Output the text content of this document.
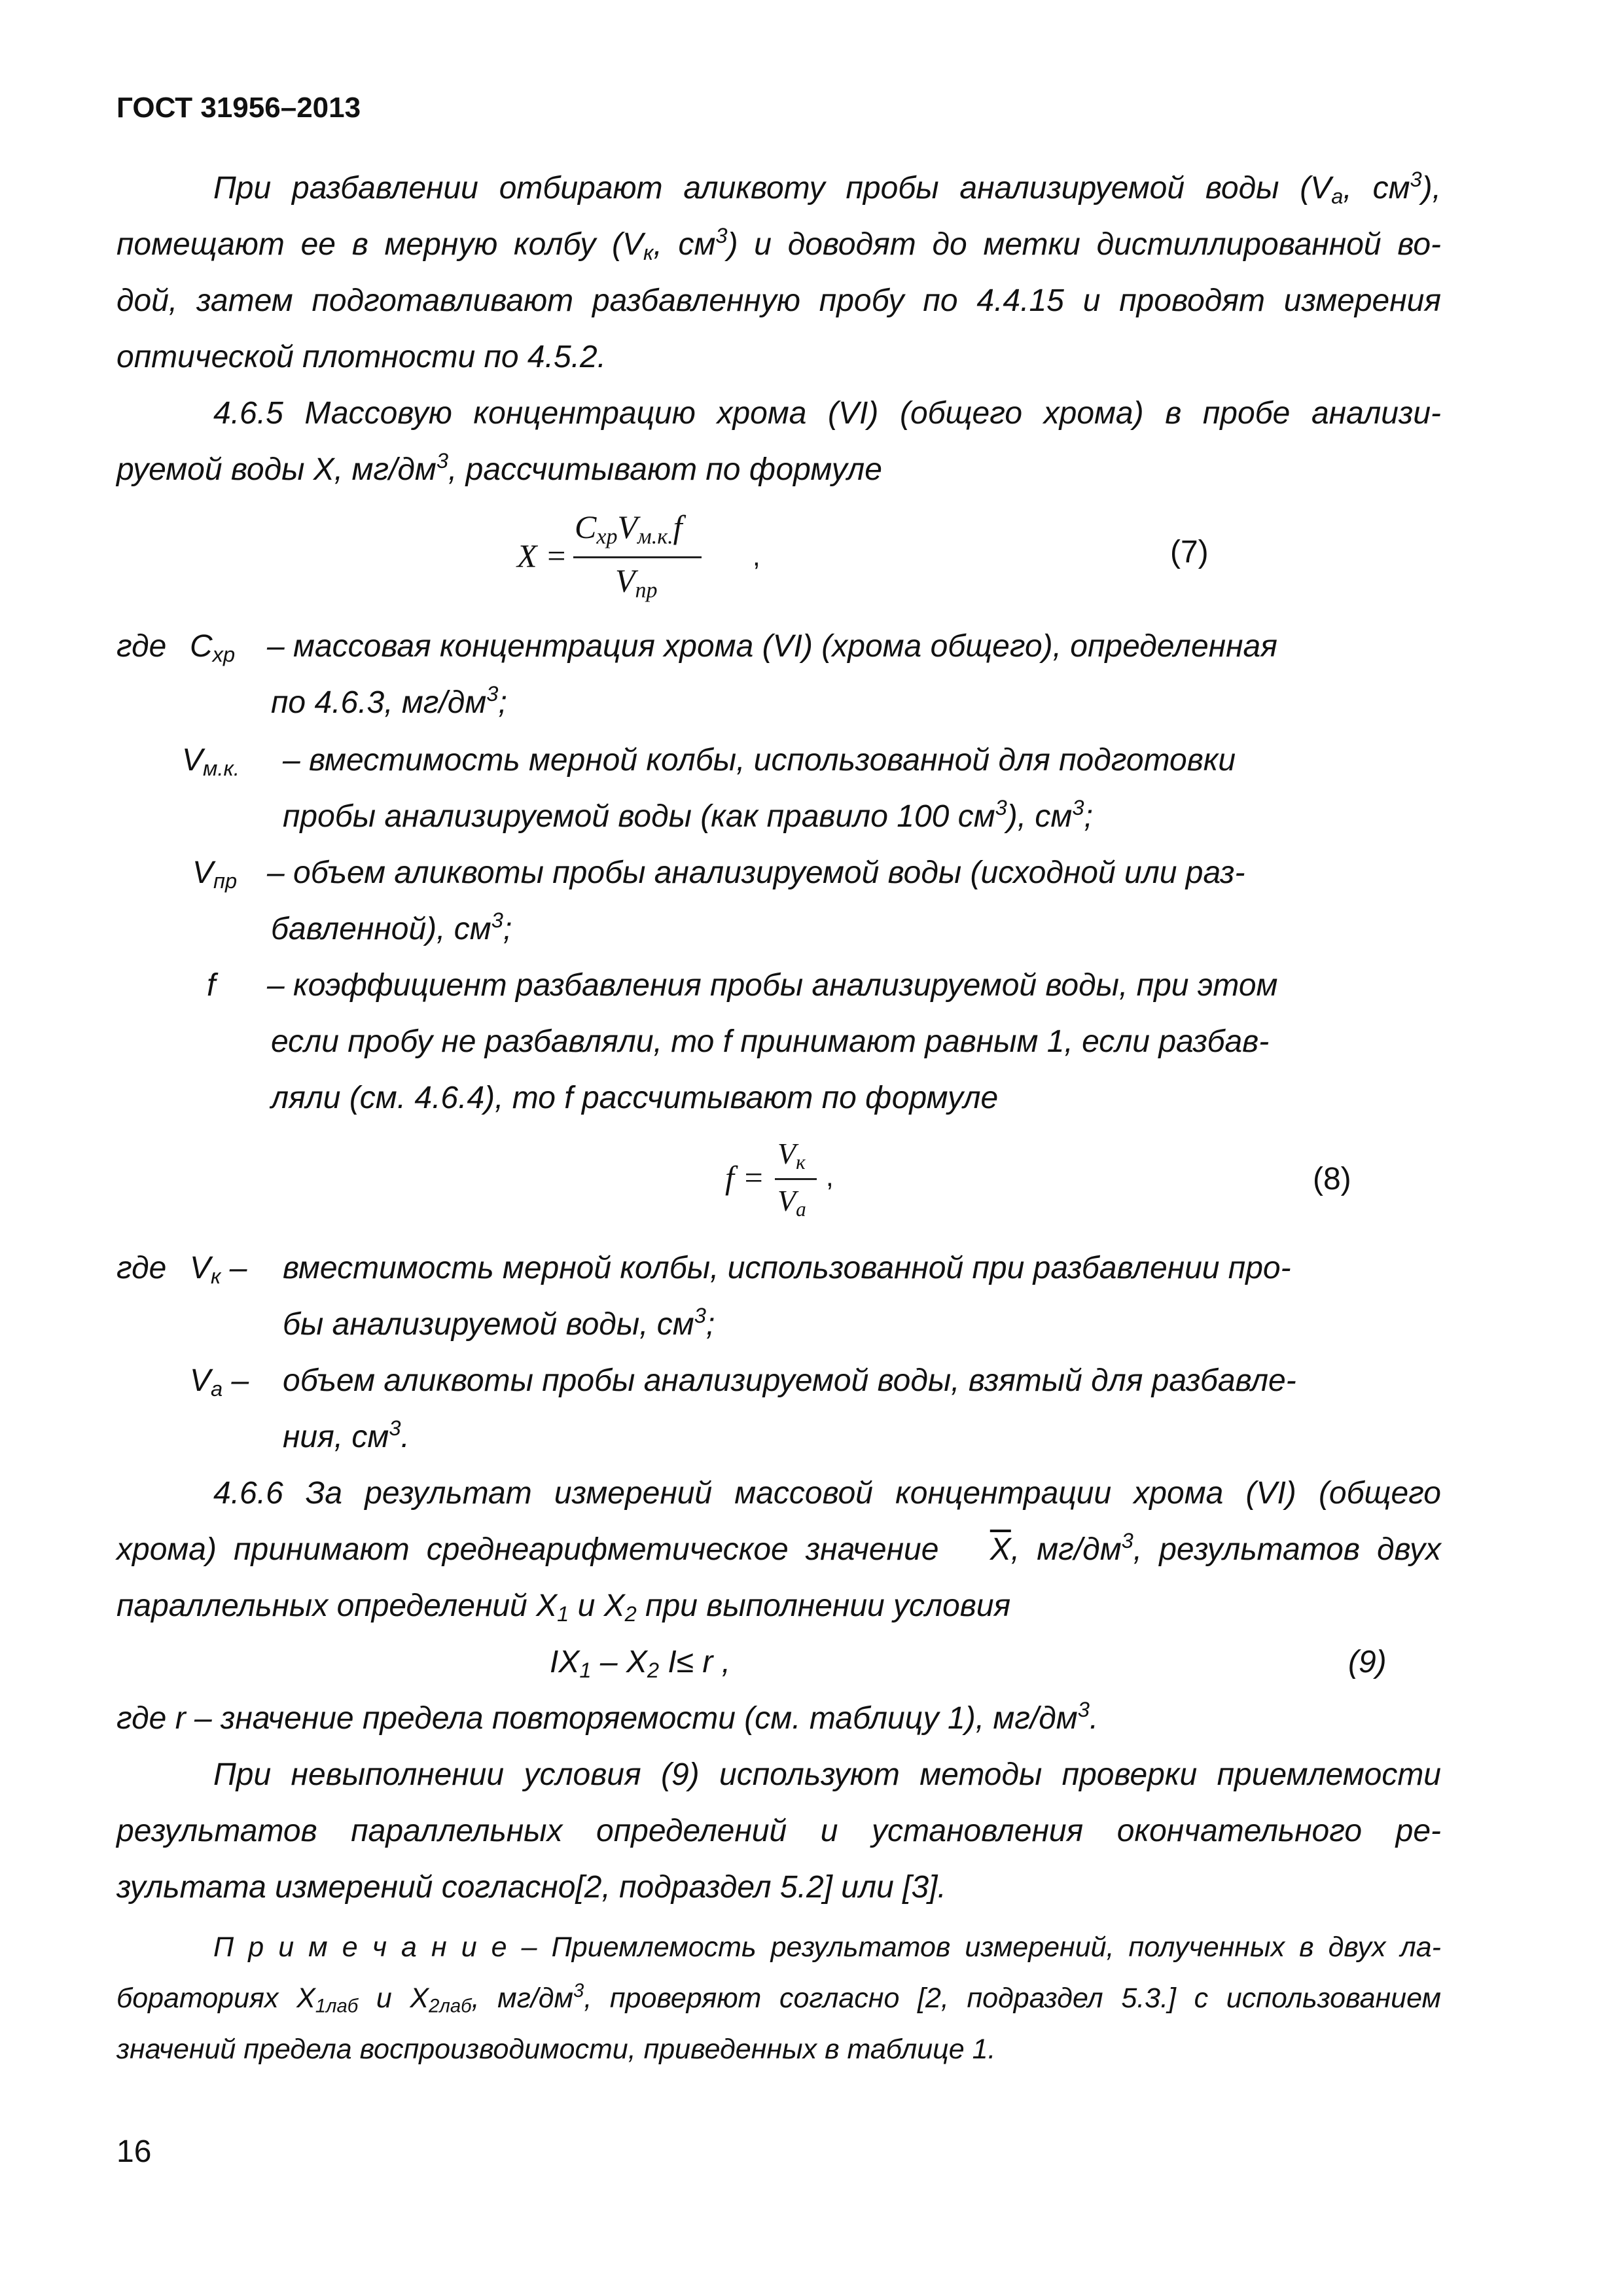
ГОСТ 31956–2013
При разбавлении отбирают аликвоту пробы анализируемой воды ($V_а$, $см^3$),
помещают ее в мерную колбу ($V_к$, $см^3$) и доводят до метки дистиллированной во-
дой, затем подготавливают разбавленную пробу по 4.4.15 и проводят измерения
оптической плотности по 4.5.2.
4.6.5 Массовую концентрацию хрома (VI) (общего хрома) в пробе анализи-
руемой воды X, $мг/дм^3$, рассчитывают по формуле
X =
$C_{хр}V_{м.к.}f$
$V_{пр}$
,	(7)
где $C_{хр}$ – массовая концентрация хрома (VI) (хрома общего), определенная
по 4.6.3, $мг/дм^3$;
$V_{м.к.}$ – вместимость мерной колбы, использованной для подготовки
пробы анализируемой воды (как правило 100 $см^3$), $см^3$;
$V_{пр}$ – объем аликвоты пробы анализируемой воды (исходной или раз-
бавленной), $см^3$;
f – коэффициент разбавления пробы анализируемой воды, при этом
если пробу не разбавляли, то f принимают равным 1, если разбав-
ляли (см. 4.6.4), то f рассчитывают по формуле
f =
$V_к$
$V_а$
,	(8)
где $V_к$ – вместимость мерной колбы, использованной при разбавлении про-
бы анализируемой воды, $см^3$;
$V_а$ – объем аликвоты пробы анализируемой воды, взятый для разбавле-
ния, $см^3$.
4.6.6 За результат измерений массовой концентрации хрома (VI) (общего
хрома) принимают среднеарифметическое значение $\overline{X}$, $мг/дм^3$, результатов двух
параллельных определений $X_1$ и $X_2$ при выполнении условия
$IX_1 - X_2$ I≤ r ,	(9)
где r – значение предела повторяемости (см. таблицу 1), $мг/дм^3$.
При невыполнении условия (9) используют методы проверки приемлемости
результатов параллельных определений и установления окончательного ре-
зультата измерений согласно[2, подраздел 5.2] или [3].
П р и м е ч а н и е – Приемлемость результатов измерений, полученных в двух ла-
бораториях $X_{1лаб}$ и $X_{2лаб}$, $мг/дм^3$, проверяют согласно [2, подраздел 5.3.] с использованием
значений предела воспроизводимости, приведенных в таблице 1.
16
